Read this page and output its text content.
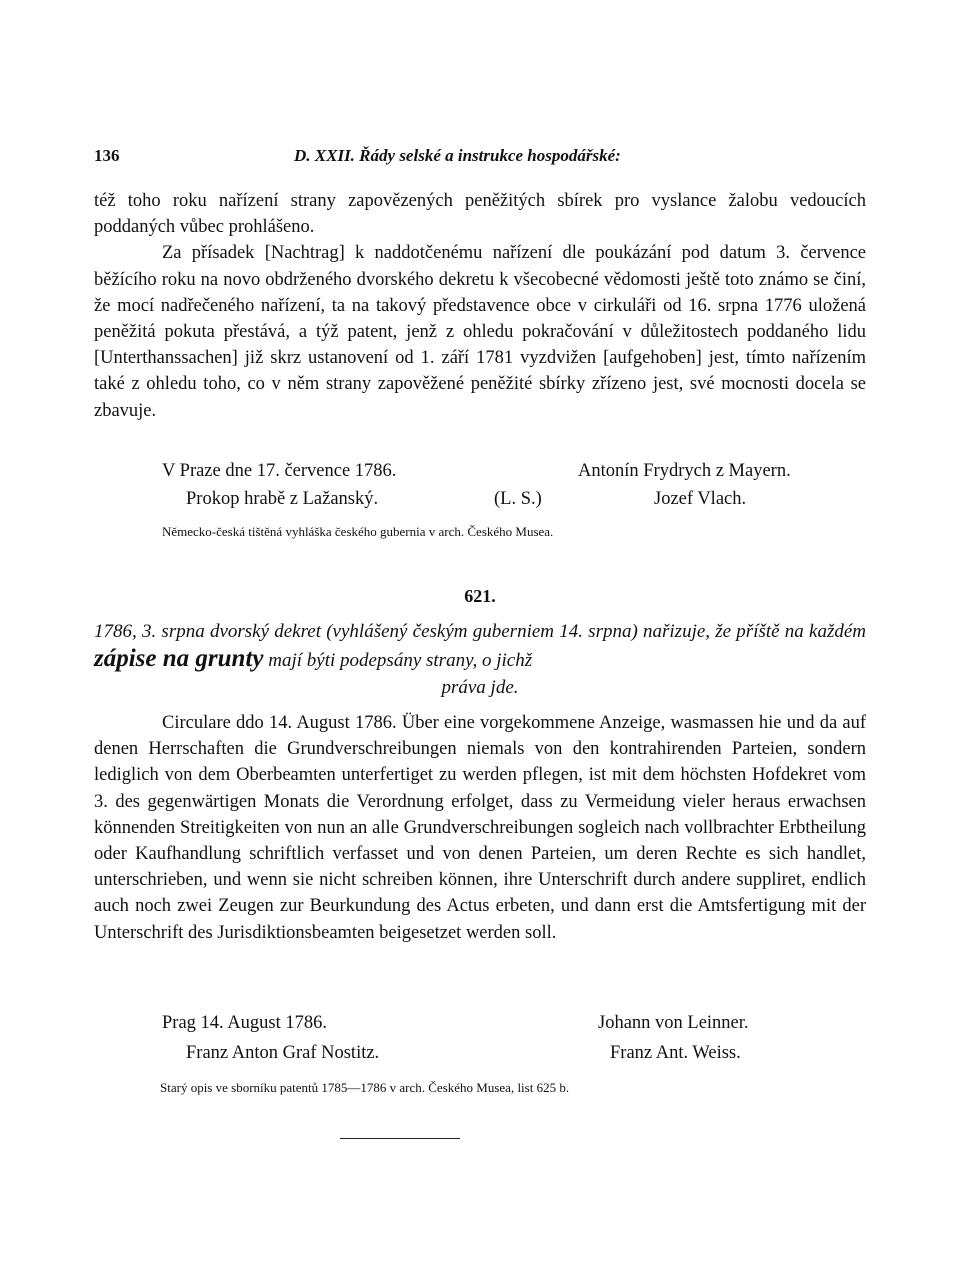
136	D. XXII. Řády selské a instrukce hospodářské:

též toho roku nařízení strany zapovězených peněžitých sbírek pro vyslance žalobu vedoucích poddaných vůbec prohlášeno.

Za přísadek [Nachtrag] k naddotčenému nařízení dle poukázání pod datum 3. července běžícího roku na novo obdrženého dvorského dekretu k všecobecné vědomosti ještě toto známo se činí, že mocí nadřečeného nařízení, ta na takový představence obce v cirkuláři od 16. srpna 1776 uložená peněžitá pokuta přestává, a týž patent, jenž z ohledu pokračování v důležitostech poddaného lidu [Unterthanssachen] již skrz ustanovení od 1. září 1781 vyzdvižen [aufgehoben] jest, tímto nařízením také z ohledu toho, co v něm strany zapověžené peněžité sbírky zřízeno jest, své mocnosti docela se zbavuje.

V Praze dne 17. července 1786.	Antonín Frydrych z Mayern.
Prokop hrabě z Lažanský.	(L. S.)	Jozef Vlach.
Německo-česká tištěná vyhláška českého gubernia v arch. Českého Musea.
621.
1786, 3. srpna dvorský dekret (vyhlášený českým guberniem 14. srpna) nařizuje, že příště na každém zápise na grunty mají býti podepsány strany, o jichž
práva jde.

Circulare ddo 14. August 1786. Über eine vorgekommene Anzeige, wasmassen hie und da auf denen Herrschaften die Grundverschreibungen niemals von den kontrahirenden Parteien, sondern lediglich von dem Oberbeamten unterfertiget zu werden pflegen, ist mit dem höchsten Hofdekret vom 3. des gegenwärtigen Monats die Verordnung erfolget, dass zu Vermeidung vieler heraus erwachsen könnenden Streitigkeiten von nun an alle Grundverschreibungen sogleich nach vollbrachter Erbtheilung oder Kaufhandlung schriftlich verfasset und von denen Parteien, um deren Rechte es sich handlet, unterschrieben, und wenn sie nicht schreiben können, ihre Unterschrift durch andere suppliret, endlich auch noch zwei Zeugen zur Beurkundung des Actus erbeten, und dann erst die Amtsfertigung mit der Unterschrift des Jurisdiktionsbeamten beigesetzet werden soll.

Prag 14. August 1786.	Johann von Leinner.
Franz Anton Graf Nostitz.	Franz Ant. Weiss.
Starý opis ve sborníku patentů 1785—1786 v arch. Českého Musea, list 625 b.
